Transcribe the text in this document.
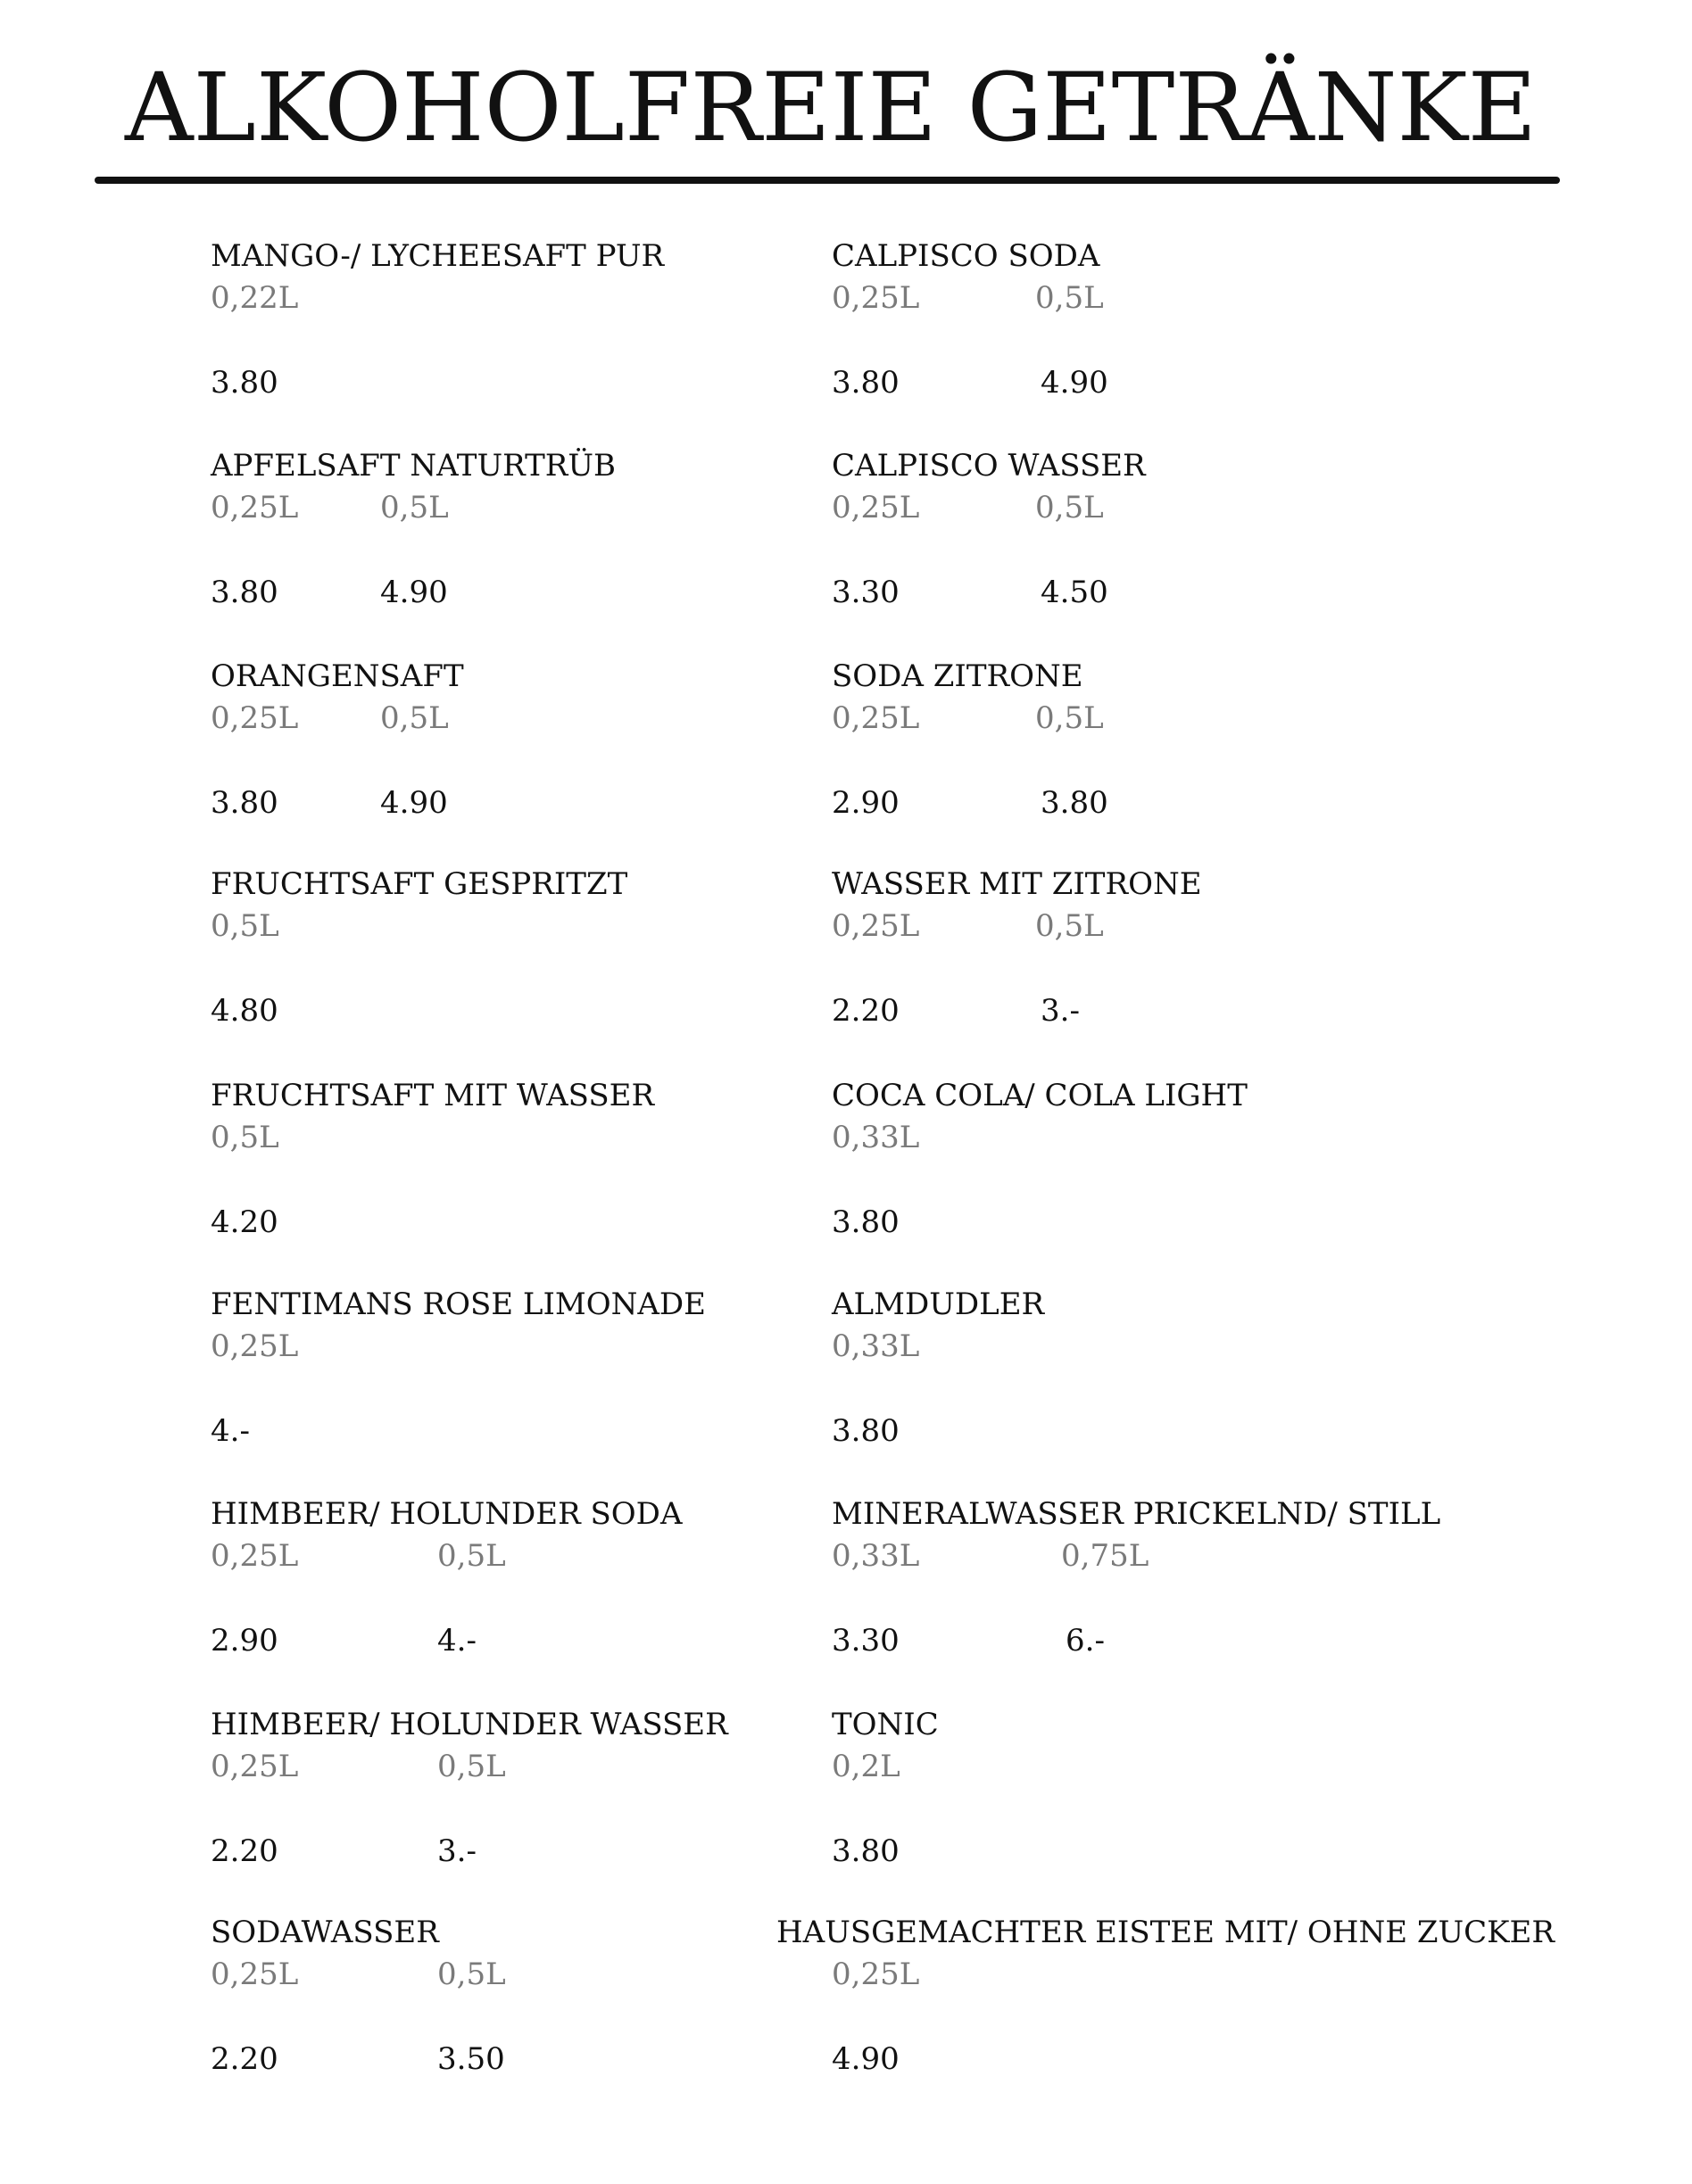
ALKOHOLFREIE GETRÄNKE
MANGO-/ LYCHEESAFT PUR
0,22L
3.80
APFELSAFT NATURTRÜB
0,25L	0,5L
3.80	4.90
ORANGENSAFT
0,25L	0,5L
3.80	4.90
FRUCHTSAFT GESPRITZT
0,5L
4.80
FRUCHTSAFT MIT WASSER
0,5L
4.20
FENTIMANS ROSE LIMONADE
0,25L
4.-
HIMBEER/ HOLUNDER SODA
0,25L	0,5L
2.90	4.-
HIMBEER/ HOLUNDER WASSER
0,25L	0,5L
2.20	3.-
SODAWASSER
0,25L	0,5L
2.20	3.50
CALPISCO SODA
0,25L	0,5L
3.80	4.90
CALPISCO WASSER
0,25L	0,5L
3.30	4.50
SODA ZITRONE
0,25L	0,5L
2.90	3.80
WASSER MIT ZITRONE
0,25L	0,5L
2.20	3.-
COCA COLA/ COLA LIGHT
0,33L
3.80
ALMDUDLER
0,33L
3.80
MINERALWASSER PRICKELND/ STILL
0,33L	0,75L
3.30	6.-
TONIC
0,2L
3.80
HAUSGEMACHTER EISTEE MIT/ OHNE ZUCKER
0,25L
4.90
